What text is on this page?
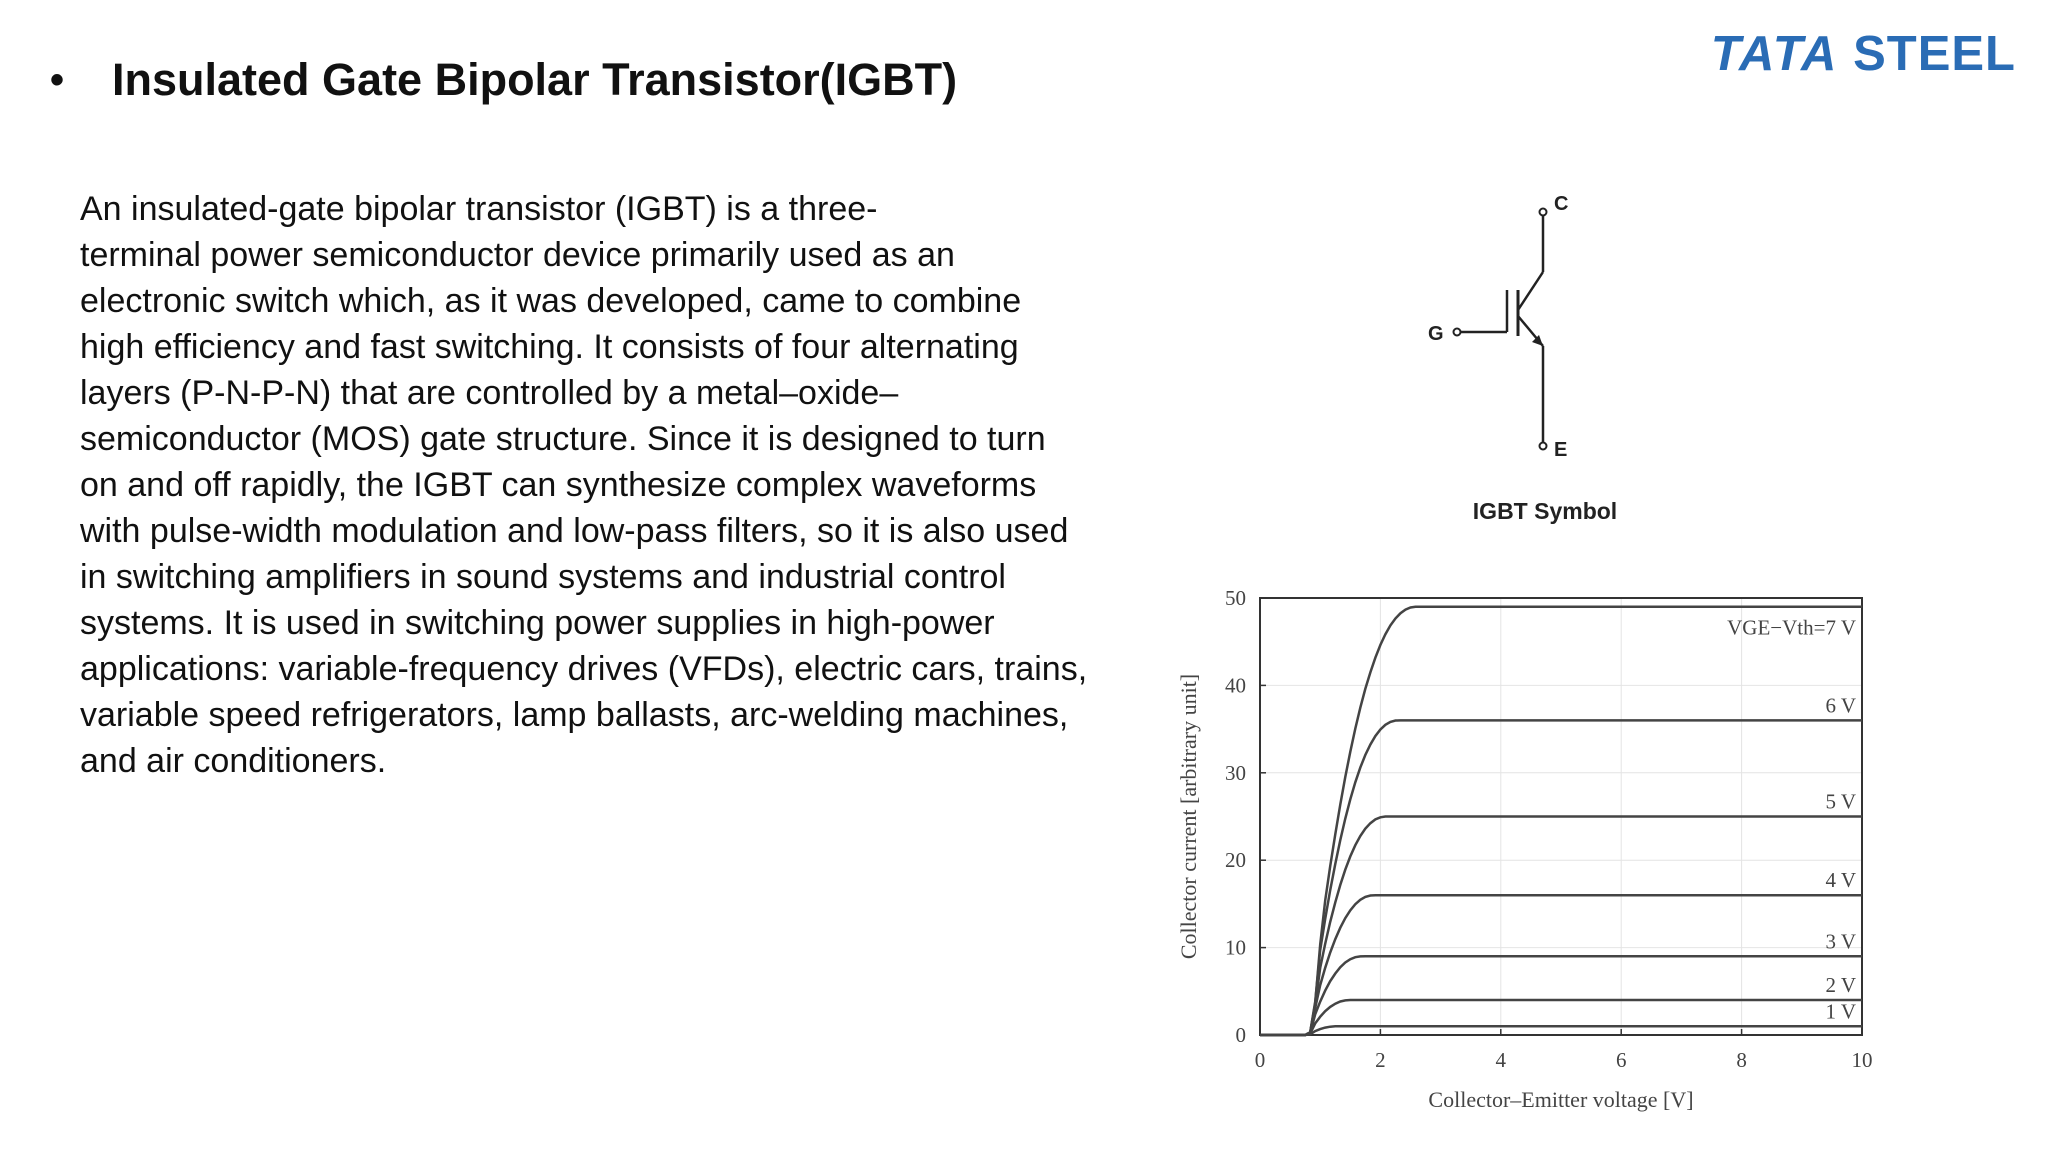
• Insulated Gate Bipolar Transistor(IGBT)	TATA STEEL
An insulated-gate bipolar transistor (IGBT) is a three-
terminal power semiconductor device primarily used as an
electronic switch which, as it was developed, came to combine
high efficiency and fast switching. It consists of four alternating
layers (P-N-P-N) that are controlled by a metal–oxide–
semiconductor (MOS) gate structure. Since it is designed to turn
on and off rapidly, the IGBT can synthesize complex waveforms
with pulse-width modulation and low-pass filters, so it is also used
in switching amplifiers in sound systems and industrial control
systems. It is used in switching power supplies in high-power
applications: variable-frequency drives (VFDs), electric cars, trains,
variable speed refrigerators, lamp ballasts, arc-welding machines,
and air conditioners.
C
G
E
IGBT Symbol
0	2	4	6	8	10
0
10
20
30
40
50
Collector–Emitter voltage [V]
Collector current [arbitrary unit]
VGE−Vth=7 V
6 V
5 V
4 V
3 V
2 V
1 V
